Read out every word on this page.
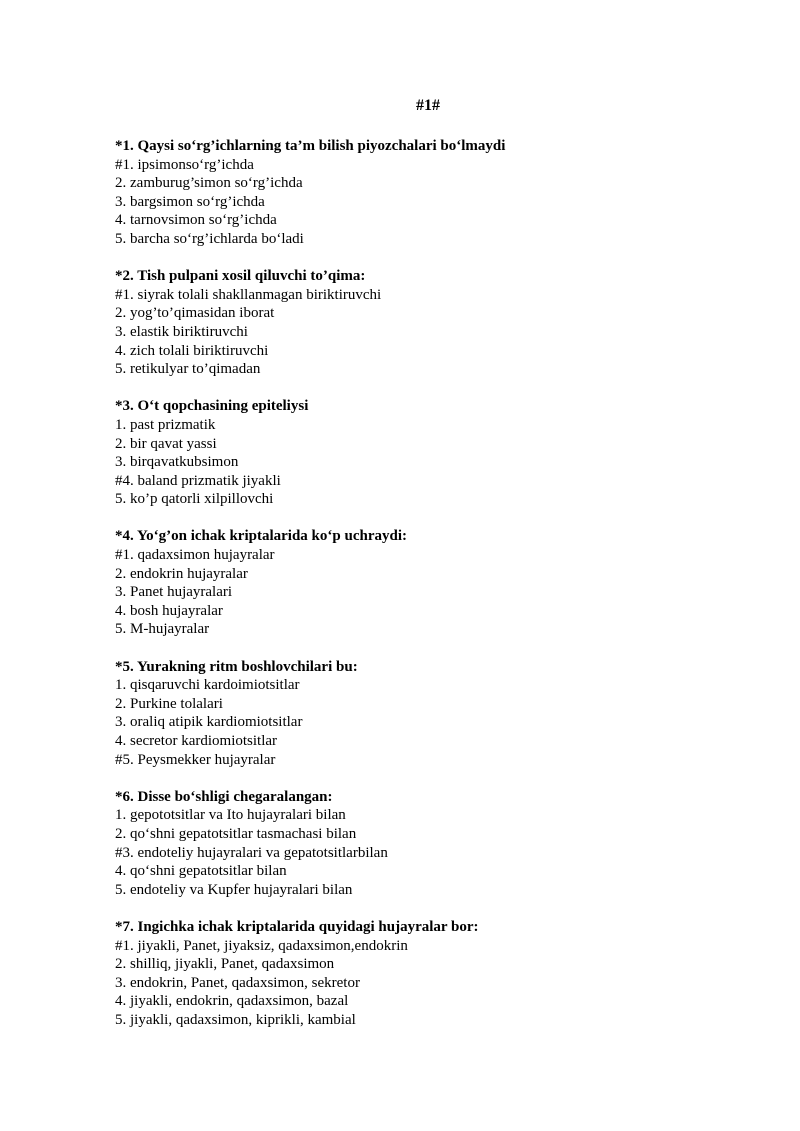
#1#
*1. Qaysi so‘rg’ichlarning ta’m bilish piyozchalari bo‘lmaydi
#1. ipsimonso‘rg’ichda
2. zamburug’simon so‘rg’ichda
3. bargsimon so‘rg’ichda
4. tarnovsimon so‘rg’ichda
5. barcha so‘rg’ichlarda bo‘ladi
*2. Tish pulpani xosil qiluvchi to’qima:
#1. siyrak tolali shakllanmagan biriktiruvchi
2. yog’to’qimasidan iborat
3. elastik biriktiruvchi
4. zich tolali biriktiruvchi
5. retikulyar to’qimadan
*3. O‘t qopchasining epiteliysi
1. past prizmatik
2. bir qavat yassi
3. birqavatkubsimon
#4. baland prizmatik jiyakli
5. ko’p qatorli xilpillovchi
*4. Yo‘g’on ichak kriptalarida ko‘p uchraydi:
#1. qadaxsimon hujayralar
2. endokrin hujayralar
3. Panet hujayralari
4. bosh hujayralar
5. M-hujayralar
*5. Yurakning ritm boshlovchilari bu:
1. qisqaruvchi kardoimiotsitlar
2. Purkine tolalari
3. oraliq atipik kardiomiotsitlar
4. secretor kardiomiotsitlar
#5. Peysmekker hujayralar
*6. Disse bo‘shligi chegaralangan:
1. gepototsitlar va Ito hujayralari bilan
2. qo‘shni gepatotsitlar tasmachasi bilan
#3. endoteliy hujayralari va gepatotsitlarbilan
4. qo‘shni gepatotsitlar bilan
5. endoteliy va Kupfer hujayralari bilan
*7. Ingichka ichak kriptalarida quyidagi hujayralar bor:
#1. jiyakli, Panet, jiyaksiz, qadaxsimon,endokrin
2. shilliq, jiyakli, Panet, qadaxsimon
3. endokrin, Panet, qadaxsimon, sekretor
4. jiyakli, endokrin, qadaxsimon, bazal
5. jiyakli, qadaxsimon, kiprikli, kambial
